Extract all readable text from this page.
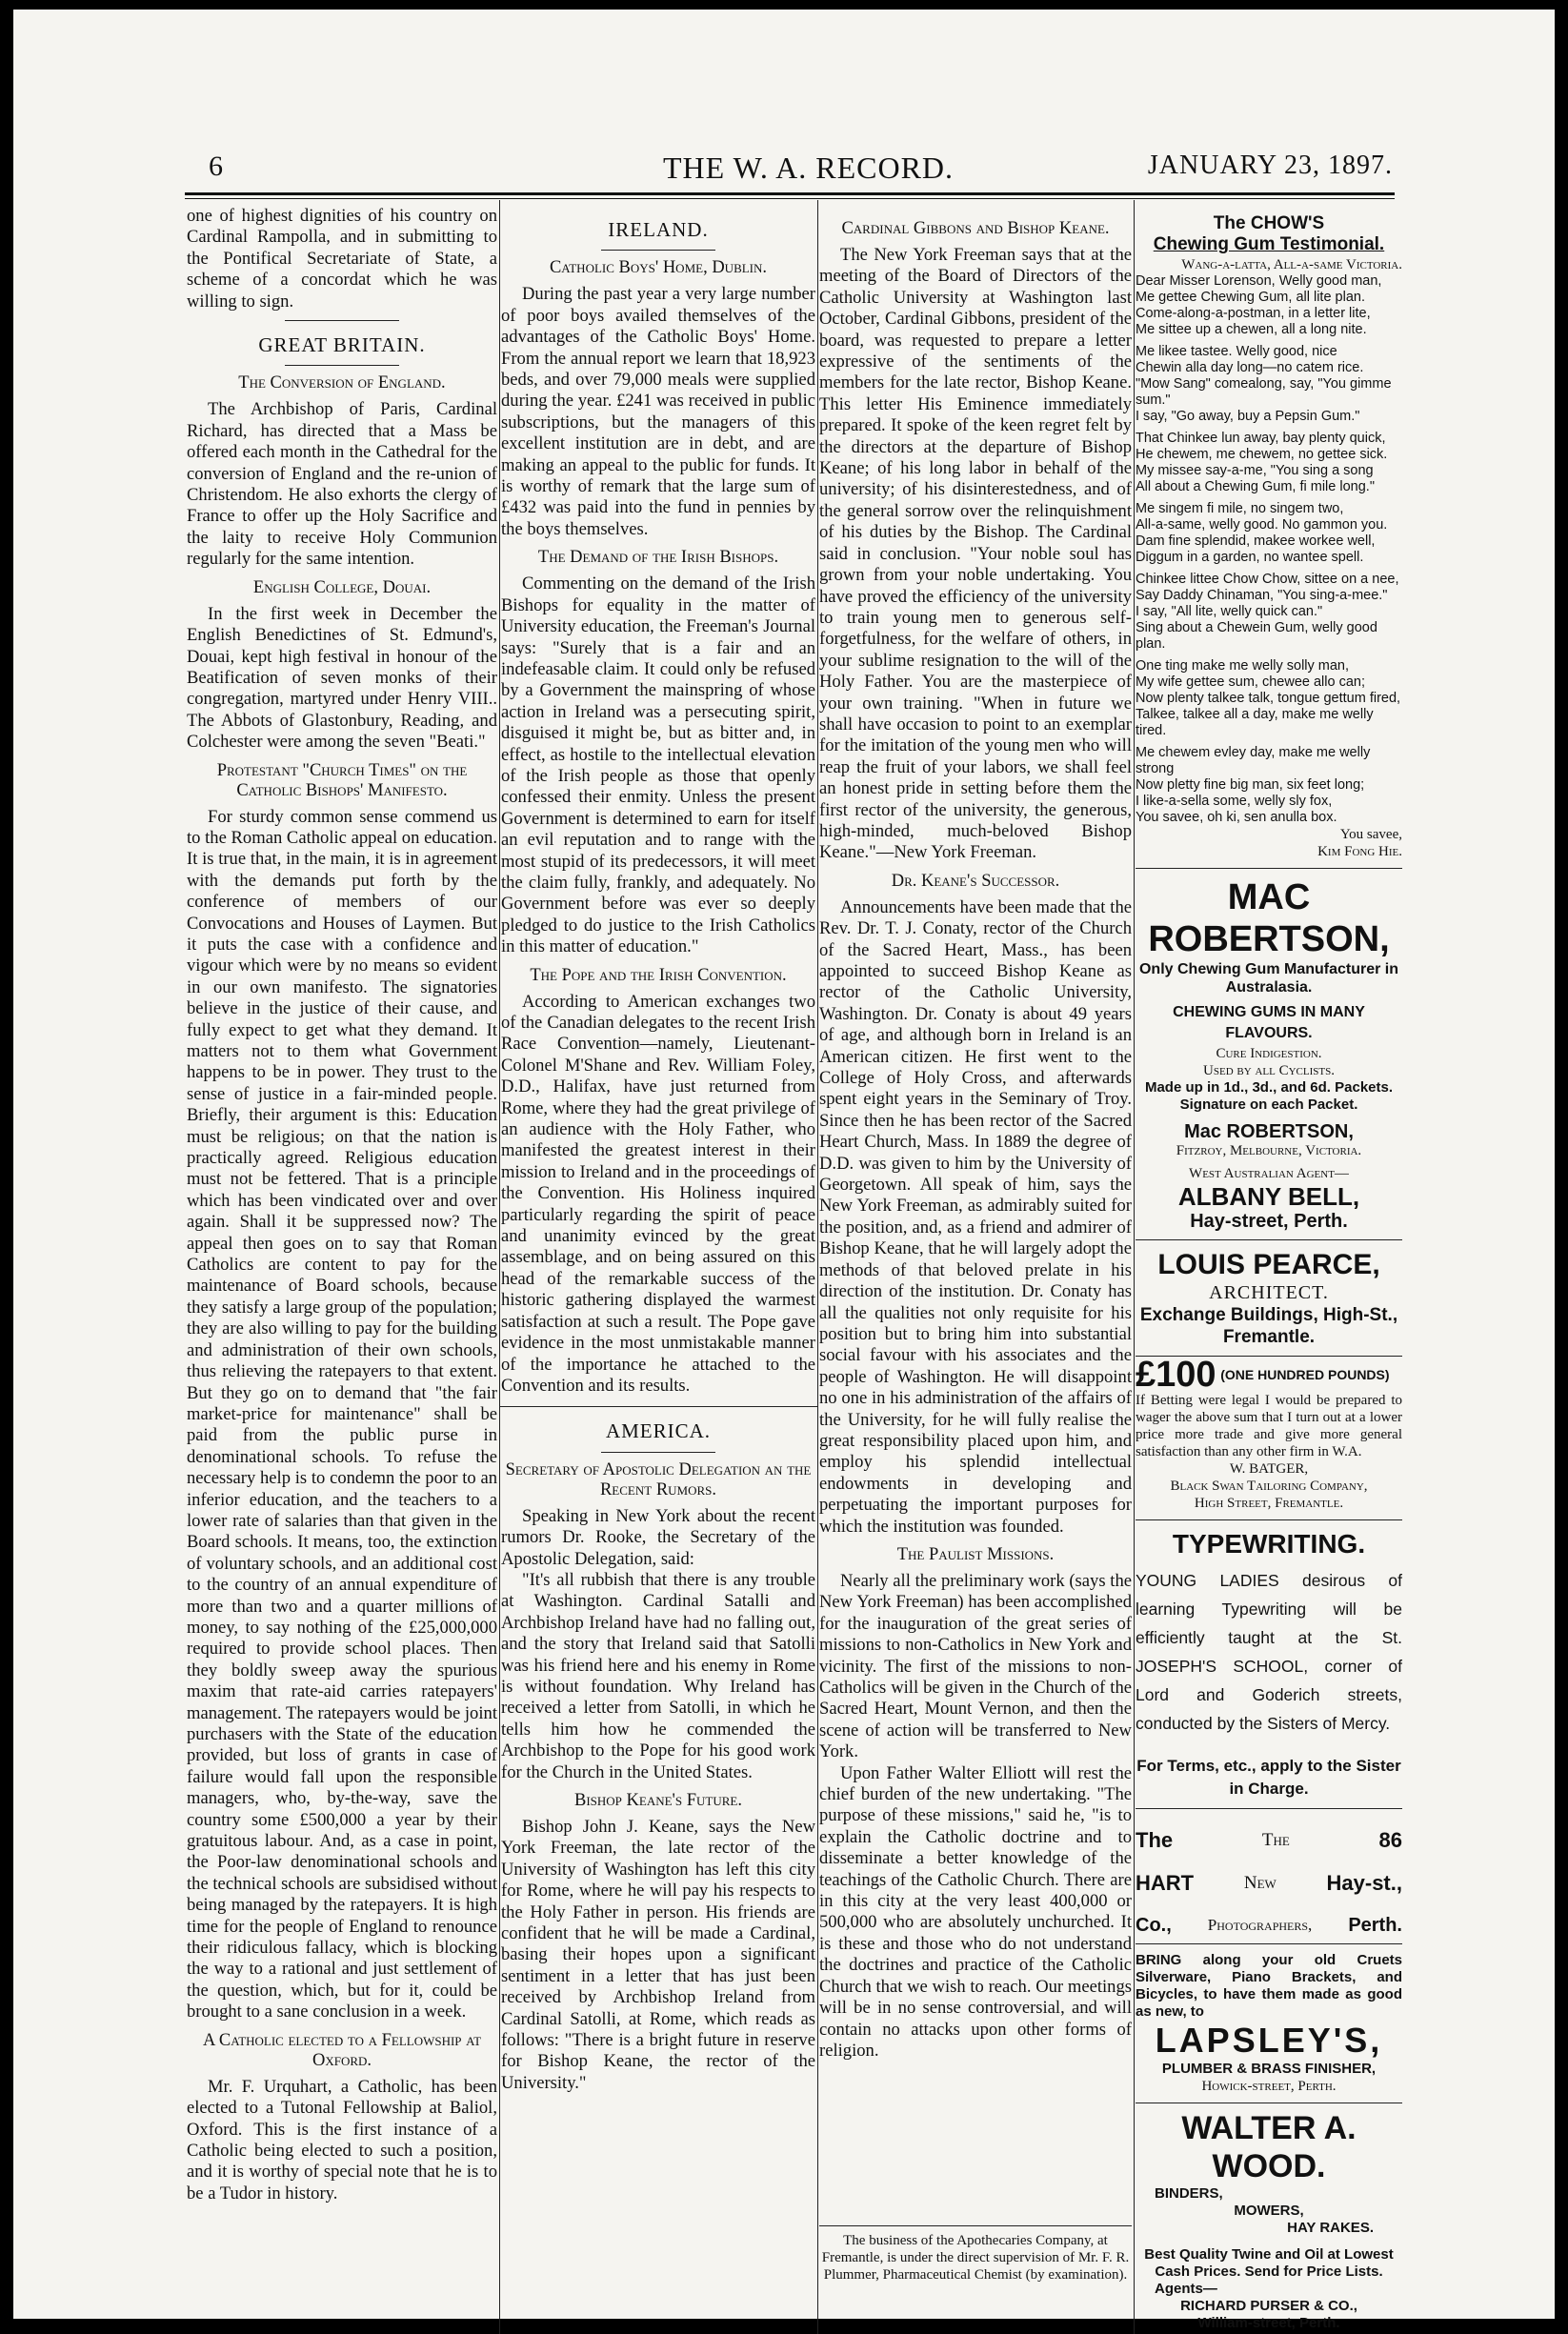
6	THE W. A. RECORD.	JANUARY 23, 1897.

one of highest dignities of his country on Cardinal Rampolla, and in submitting to the Pontifical Secretariate of State, a scheme of a concordat which he was willing to sign.

GREAT BRITAIN.
The Conversion of England.

The Archbishop of Paris, Cardinal Richard, has directed that a Mass be offered each month in the Cathedral for the conversion of England and the re-union of Christendom. He also exhorts the clergy of France to offer up the Holy Sacrifice and the laity to receive Holy Communion regularly for the same intention.

English College, Douai.

In the first week in December the English Benedictines of St. Edmund's, Douai, kept high festival in honour of the Beatification of seven monks of their congregation, martyred under Henry VIII.. The Abbots of Glastonbury, Reading, and Colchester were among the seven "Beati."

Protestant "Church Times" on the Catholic Bishops' Manifesto.

For sturdy common sense commend us to the Roman Catholic appeal on education. It is true that, in the main, it is in agreement with the demands put forth by the conference of members of our Convocations and Houses of Laymen. But it puts the case with a confidence and vigour which were by no means so evident in our own manifesto. The signatories believe in the justice of their cause, and fully expect to get what they demand. It matters not to them what Government happens to be in power. They trust to the sense of justice in a fair-minded people. Briefly, their argument is this: Education must be religious; on that the nation is practically agreed. Religious education must not be fettered. That is a principle which has been vindicated over and over again. Shall it be suppressed now? The appeal then goes on to say that Roman Catholics are content to pay for the maintenance of Board schools, because they satisfy a large group of the population; they are also willing to pay for the building and administration of their own schools, thus relieving the ratepayers to that extent. But they go on to demand that "the fair market-price for maintenance" shall be paid from the public purse in denominational schools. To refuse the necessary help is to condemn the poor to an inferior education, and the teachers to a lower rate of salaries than that given in the Board schools. It means, too, the extinction of voluntary schools, and an additional cost to the country of an annual expenditure of more than two and a quarter millions of money, to say nothing of the £25,000,000 required to provide school places. Then they boldly sweep away the spurious maxim that rate-aid carries ratepayers' management. The ratepayers would be joint purchasers with the State of the education provided, but loss of grants in case of failure would fall upon the responsible managers, who, by-the-way, save the country some £500,000 a year by their gratuitous labour. And, as a case in point, the Poor-law denominational schools and the technical schools are subsidised without being managed by the ratepayers. It is high time for the people of England to renounce their ridiculous fallacy, which is blocking the way to a rational and just settlement of the question, which, but for it, could be brought to a sane conclusion in a week.

A Catholic elected to a Fellowship at Oxford.

Mr. F. Urquhart, a Catholic, has been elected to a Tutonal Fellowship at Baliol, Oxford. This is the first instance of a Catholic being elected to such a position, and it is worthy of special note that he is to be a Tudor in history.

IRELAND.
Catholic Boys' Home, Dublin.

During the past year a very large number of poor boys availed themselves of the advantages of the Catholic Boys' Home. From the annual report we learn that 18,923 beds, and over 79,000 meals were supplied during the year. £241 was received in public subscriptions, but the managers of this excellent institution are in debt, and are making an appeal to the public for funds. It is worthy of remark that the large sum of £432 was paid into the fund in pennies by the boys themselves.

The Demand of the Irish Bishops.

Commenting on the demand of the Irish Bishops for equality in the matter of University education, the Freeman's Journal says: "Surely that is a fair and an indefeasable claim. It could only be refused by a Government the mainspring of whose action in Ireland was a persecuting spirit, disguised it might be, but as bitter and, in effect, as hostile to the intellectual elevation of the Irish people as those that openly confessed their enmity. Unless the present Government is determined to earn for itself an evil reputation and to range with the most stupid of its predecessors, it will meet the claim fully, frankly, and adequately. No Government before was ever so deeply pledged to do justice to the Irish Catholics in this matter of education."

The Pope and the Irish Convention.

According to American exchanges two of the Canadian delegates to the recent Irish Race Convention—namely, Lieutenant-Colonel M'Shane and Rev. William Foley, D.D., Halifax, have just returned from Rome, where they had the great privilege of an audience with the Holy Father, who manifested the greatest interest in their mission to Ireland and in the proceedings of the Convention. His Holiness inquired particularly regarding the spirit of peace and unanimity evinced by the great assemblage, and on being assured on this head of the remarkable success of the historic gathering displayed the warmest satisfaction at such a result. The Pope gave evidence in the most unmistakable manner of the importance he attached to the Convention and its results.

AMERICA.
Secretary of Apostolic Delegation an the Recent Rumors.

Speaking in New York about the recent rumors Dr. Rooke, the Secretary of the Apostolic Delegation, said:

"It's all rubbish that there is any trouble at Washington. Cardinal Satalli and Archbishop Ireland have had no falling out, and the story that Ireland said that Satolli was his friend here and his enemy in Rome is without foundation. Why Ireland has received a letter from Satolli, in which he tells him how he commended the Archbishop to the Pope for his good work for the Church in the United States.

Bishop Keane's Future.

Bishop John J. Keane, says the New York Freeman, the late rector of the University of Washington has left this city for Rome, where he will pay his respects to the Holy Father in person. His friends are confident that he will be made a Cardinal, basing their hopes upon a significant sentiment in a letter that has just been received by Archbishop Ireland from Cardinal Satolli, at Rome, which reads as follows: "There is a bright future in reserve for Bishop Keane, the rector of the University."

Cardinal Gibbons and Bishop Keane.

The New York Freeman says that at the meeting of the Board of Directors of the Catholic University at Washington last October, Cardinal Gibbons, president of the board, was requested to prepare a letter expressive of the sentiments of the members for the late rector, Bishop Keane. This letter His Eminence immediately prepared. It spoke of the keen regret felt by the directors at the departure of Bishop Keane; of his long labor in behalf of the university; of his disinterestedness, and of the general sorrow over the relinquishment of his duties by the Bishop. The Cardinal said in conclusion. "Your noble soul has grown from your noble undertaking. You have proved the efficiency of the university to train young men to generous self-forgetfulness, for the welfare of others, in your sublime resignation to the will of the Holy Father. You are the masterpiece of your own training. "When in future we shall have occasion to point to an exemplar for the imitation of the young men who will reap the fruit of your labors, we shall feel an honest pride in setting before them the first rector of the university, the generous, high-minded, much-beloved Bishop Keane."—New York Freeman.

Dr. Keane's Successor.

Announcements have been made that the Rev. Dr. T. J. Conaty, rector of the Church of the Sacred Heart, Mass., has been appointed to succeed Bishop Keane as rector of the Catholic University, Washington. Dr. Conaty is about 49 years of age, and although born in Ireland is an American citizen. He first went to the College of Holy Cross, and afterwards spent eight years in the Seminary of Troy. Since then he has been rector of the Sacred Heart Church, Mass. In 1889 the degree of D.D. was given to him by the University of Georgetown. All speak of him, says the New York Freeman, as admirably suited for the position, and, as a friend and admirer of Bishop Keane, that he will largely adopt the methods of that beloved prelate in his direction of the institution. Dr. Conaty has all the qualities not only requisite for his position but to bring him into substantial social favour with his associates and the people of Washington. He will disappoint no one in his administration of the affairs of the University, for he will fully realise the great responsibility placed upon him, and employ his splendid intellectual endowments in developing and perpetuating the important purposes for which the institution was founded.

The Paulist Missions.

Nearly all the preliminary work (says the New York Freeman) has been accomplished for the inauguration of the great series of missions to non-Catholics in New York and vicinity. The first of the missions to non-Catholics will be given in the Church of the Sacred Heart, Mount Vernon, and then the scene of action will be transferred to New York.

Upon Father Walter Elliott will rest the chief burden of the new undertaking. "The purpose of these missions," said he, "is to explain the Catholic doctrine and to disseminate a better knowledge of the teachings of the Catholic Church. There are in this city at the very least 400,000 or 500,000 who are absolutely unchurched. It is these and those who do not understand the doctrines and practice of the Catholic Church that we wish to reach. Our meetings will be in no sense controversial, and will contain no attacks upon other forms of religion.

The business of the Apothecaries Company, at Fremantle, is under the direct supervision of Mr. F. R. Plummer, Pharmaceutical Chemist (by examination).
The CHOW'S
Chewing Gum Testimonial.
Wang-a-latta, All-a-same Victoria.
Dear Misser Lorenson, Welly good man,
Me gettee Chewing Gum, all lite plan.
Come-along-a-postman, in a letter lite,
Me sittee up a chewen, all a long nite.
Me likee tastee. Welly good, nice
Chewin alla day long—no catem rice.
"Mow Sang" comealong, say, "You gimme sum."
I say, "Go away, buy a Pepsin Gum."
That Chinkee lun away, bay plenty quick,
He chewem, me chewem, no gettee sick.
My missee say-a-me, "You sing a song
All about a Chewing Gum, fi mile long."
Me singem fi mile, no singem two,
All-a-same, welly good. No gammon you.
Dam fine splendid, makee workee well,
Diggum in a garden, no wantee spell.
Chinkee littee Chow Chow, sittee on a nee,
Say Daddy Chinaman, "You sing-a-mee."
I say, "All lite, welly quick can."
Sing about a Chewein Gum, welly good plan.
One ting make me welly solly man,
My wife gettee sum, chewee allo can;
Now plenty talkee talk, tongue gettum fired,
Talkee, talkee all a day, make me welly tired.
Me chewem evley day, make me welly strong
Now pletty fine big man, six feet long;
I like-a-sella some, welly sly fox,
You savee, oh ki, sen anulla box.
You savee,
Kim Fong Hie.
MAC ROBERTSON,
Only Chewing Gum Manufacturer in Australasia.
CHEWING GUMS IN MANY FLAVOURS.
Cure Indigestion.
Used by all Cyclists.
Made up in 1d., 3d., and 6d. Packets.
Signature on each Packet.
Mac ROBERTSON,
Fitzroy, Melbourne, Victoria.
West Australian Agent—
ALBANY BELL,
Hay-street, Perth.
LOUIS PEARCE,
ARCHITECT.
Exchange Buildings, High-St., Fremantle.
£100 $^{(ONE HUNDRED POUNDS)}$
If Betting were legal I would be prepared to wager the above sum that I turn out at a lower price more trade and give more general satisfaction than any other firm in W.A.
W. BATGER,
Black Swan Tailoring Company,
High Street, Fremantle.
TYPEWRITING.
YOUNG LADIES desirous of learning Typewriting will be efficiently taught at the St. JOSEPH'S SCHOOL, corner of Lord and Goderich streets, conducted by the Sisters of Mercy.
For Terms, etc., apply to the Sister in Charge.
The	The	86
HART	New Hay-st.,
Co., Photographers, Perth.
BRING along your old Cruets Silverware, Piano Brackets, and Bicycles, to have them made as good as new, to
LAPSLEY'S,
PLUMBER & BRASS FINISHER,
Howick-street, Perth.
WALTER A. WOOD.
BINDERS,
MOWERS,
HAY RAKES.
Best Quality Twine and Oil at Lowest Cash Prices. Send for Price Lists.
Agents—
RICHARD PURSER & CO.,
William-street, Perth.
